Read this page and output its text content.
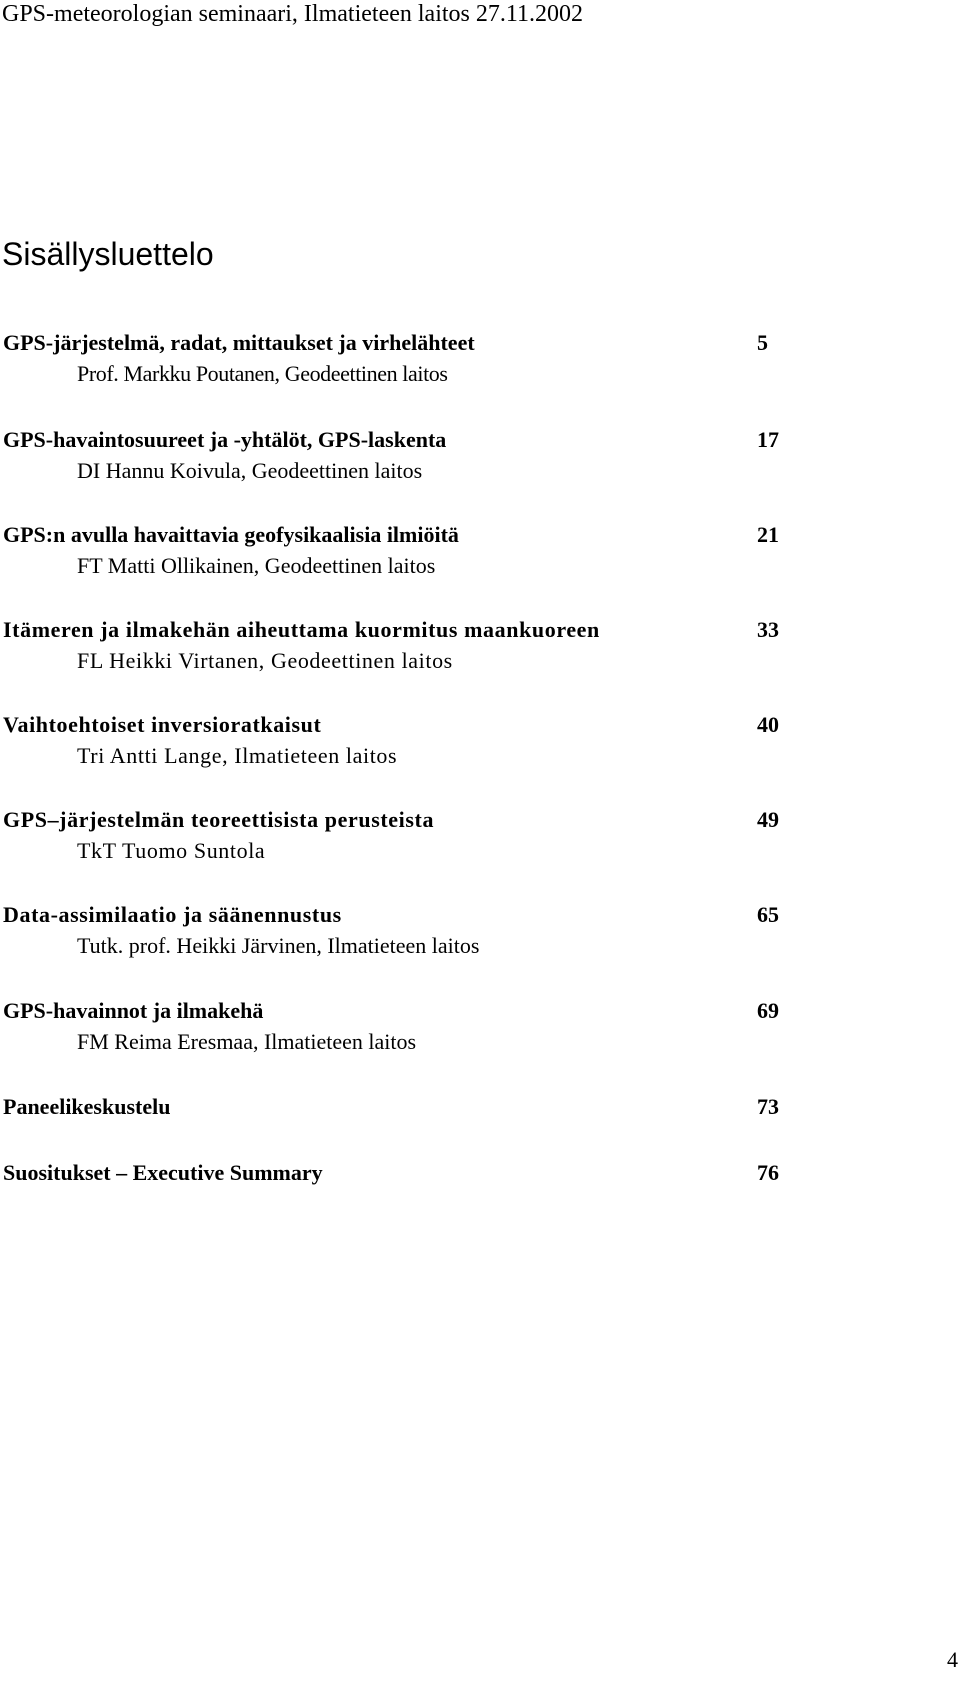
GPS-meteorologian seminaari, Ilmatieteen laitos 27.11.2002
Sisällysluettelo
GPS-järjestelmä, radat, mittaukset ja virhelähteet	5
Prof. Markku Poutanen, Geodeettinen laitos
GPS-havaintosuureet ja -yhtälöt, GPS-laskenta	17
DI Hannu Koivula, Geodeettinen laitos
GPS:n avulla havaittavia geofysikaalisia ilmiöitä	21
FT Matti Ollikainen, Geodeettinen laitos
Itämeren ja ilmakehän aiheuttama kuormitus maankuoreen	33
FL Heikki Virtanen, Geodeettinen laitos
Vaihtoehtoiset inversioratkaisut	40
Tri Antti Lange, Ilmatieteen laitos
GPS–järjestelmän teoreettisista perusteista	49
TkT Tuomo Suntola
Data-assimilaatio ja säänennustus	65
Tutk. prof. Heikki Järvinen, Ilmatieteen laitos
GPS-havainnot ja ilmakehä	69
FM Reima Eresmaa, Ilmatieteen laitos
Paneelikeskustelu	73
Suositukset – Executive Summary	76
4
